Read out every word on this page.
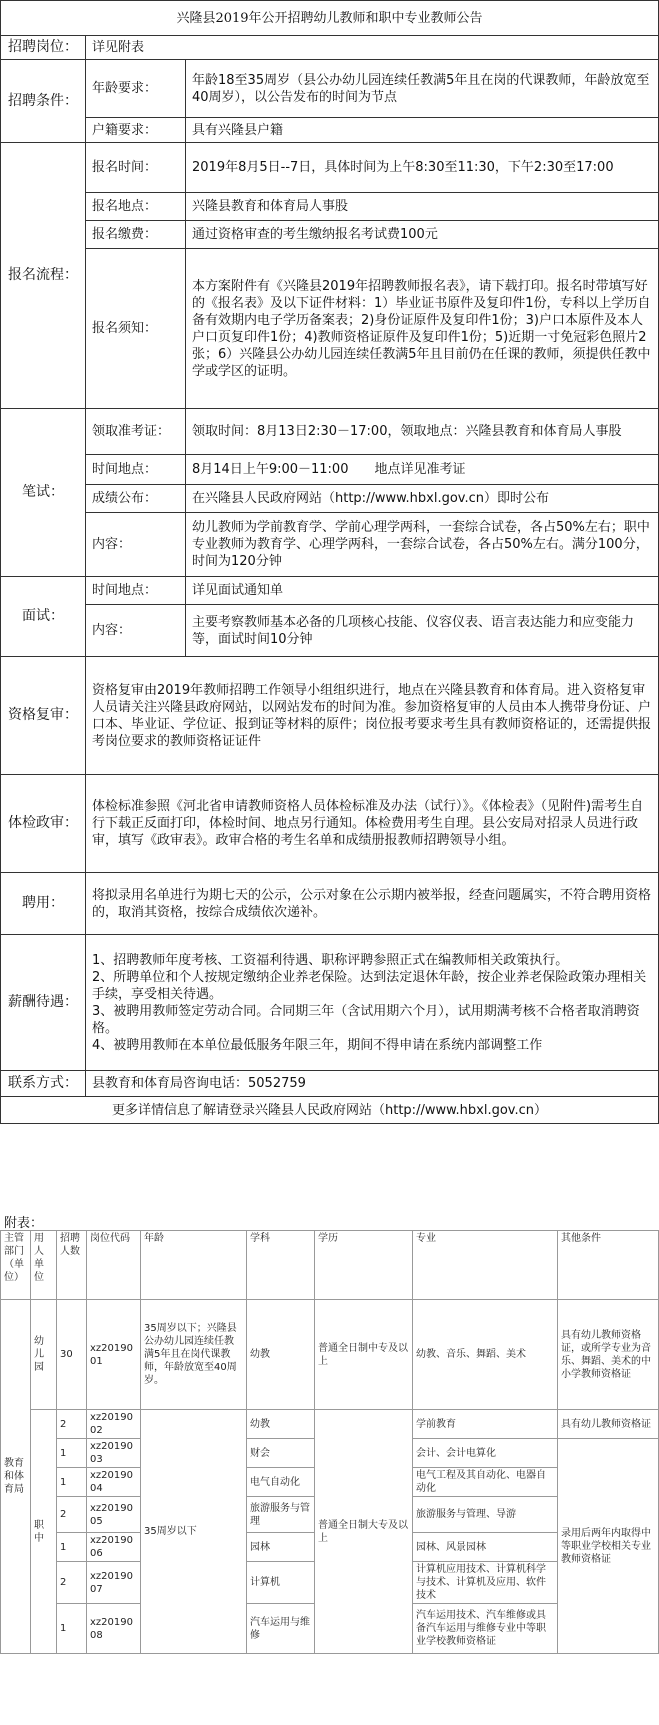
兴隆县2019年公开招聘幼儿教师和职中专业教师公告		
招聘岗位：	详见附表	
招聘条件：	年龄要求：	年龄18至35周岁（县公办幼儿园连续任教满5年且在岗的代课教师，年龄放宽至40周岁），以公告发布的时间为节点
	户籍要求：	具有兴隆县户籍
报名流程：	报名时间：	2019年8月5日--7日，具体时间为上午8:30至11:30，下午2:30至17:00
	报名地点：	兴隆县教育和体育局人事股
	报名缴费：	通过资格审查的考生缴纳报名考试费100元
	报名须知：	本方案附件有《兴隆县2019年招聘教师报名表》，请下载打印。报名时带填写好的《报名表》及以下证件材料：1）毕业证书原件及复印件1份，专科以上学历自备有效期内电子学历备案表；2)身份证原件及复印件1份；3)户口本原件及本人户口页复印件1份；4)教师资格证原件及复印件1份；5)近期一寸免冠彩色照片2张；6）兴隆县公办幼儿园连续任教满5年且目前仍在任课的教师，须提供任教中学或学区的证明。
笔试：	领取准考证：	领取时间：8月13日2:30－17:00，领取地点：兴隆县教育和体育局人事股
	时间地点：	8月14日上午9:00－11:00　　地点详见准考证
	成绩公布：	在兴隆县人民政府网站（http://www.hbxl.gov.cn）即时公布
	内容：	幼儿教师为学前教育学、学前心理学两科，一套综合试卷，各占50%左右；职中专业教师为教育学、心理学两科，一套综合试卷，各占50%左右。满分100分，时间为120分钟
面试：	时间地点：	详见面试通知单
	内容：	主要考察教师基本必备的几项核心技能、仪容仪表、语言表达能力和应变能力等，面试时间10分钟
资格复审：	资格复审由2019年教师招聘工作领导小组组织进行，地点在兴隆县教育和体育局。进入资格复审人员请关注兴隆县政府网站，以网站发布的时间为准。参加资格复审的人员由本人携带身份证、户口本、毕业证、学位证、报到证等材料的原件；岗位报考要求考生具有教师资格证的，还需提供报考岗位要求的教师资格证证件	
体检政审：	体检标准参照《河北省申请教师资格人员体检标准及办法（试行）》。《体检表》（见附件)需考生自行下载正反面打印，体检时间、地点另行通知。体检费用考生自理。县公安局对招录人员进行政审，填写《政审表》。政审合格的考生名单和成绩册报教师招聘领导小组。	
聘用：	将拟录用名单进行为期七天的公示，公示对象在公示期内被举报，经查问题属实，不符合聘用资格的，取消其资格，按综合成绩依次递补。	
薪酬待遇：	1、招聘教师年度考核、工资福利待遇、职称评聘参照正式在编教师相关政策执行。
2、所聘单位和个人按规定缴纳企业养老保险。达到法定退休年龄，按企业养老保险政策办理相关手续，享受相关待遇。
3、被聘用教师签定劳动合同。合同期三年（含试用期六个月），试用期满考核不合格者取消聘资格。
4、被聘用教师在本单位最低服务年限三年，期间不得申请在系统内部调整工作	
联系方式：	县教育和体育局咨询电话：5052759	
更多详情信息了解请登录兴隆县人民政府网站（http://www.hbxl.gov.cn）		
附表：
主管部门（单位）	用人单位	招聘人数	岗位代码	年龄	学科	学历	专业	其他条件
教育和体育局	幼儿园	30	xz2019001	35周岁以下；兴隆县公办幼儿园连续任教满5年且在岗代课教师，年龄放宽至40周岁。	幼教	普通全日制中专及以上	幼教、音乐、舞蹈、美术	具有幼儿教师资格证，或所学专业为音乐、舞蹈、美术的中小学教师资格证
	职中	2	xz2019002	35周岁以下	幼教	普通全日制大专及以上	学前教育	具有幼儿教师资格证
		1	xz2019003		财会		会计、会计电算化	录用后两年内取得中等职业学校相关专业教师资格证
		1	xz2019004		电气自动化		电气工程及其自动化、电器自动化	
		2	xz2019005		旅游服务与管理		旅游服务与管理、导游	
		1	xz2019006		园林		园林、风景园林	
		2	xz2019007		计算机		计算机应用技术、计算机科学与技术、计算机及应用、软件技术	
		1	xz2019008		汽车运用与维修		汽车运用技术、汽车维修或具备汽车运用与维修专业中等职业学校教师资格证	
